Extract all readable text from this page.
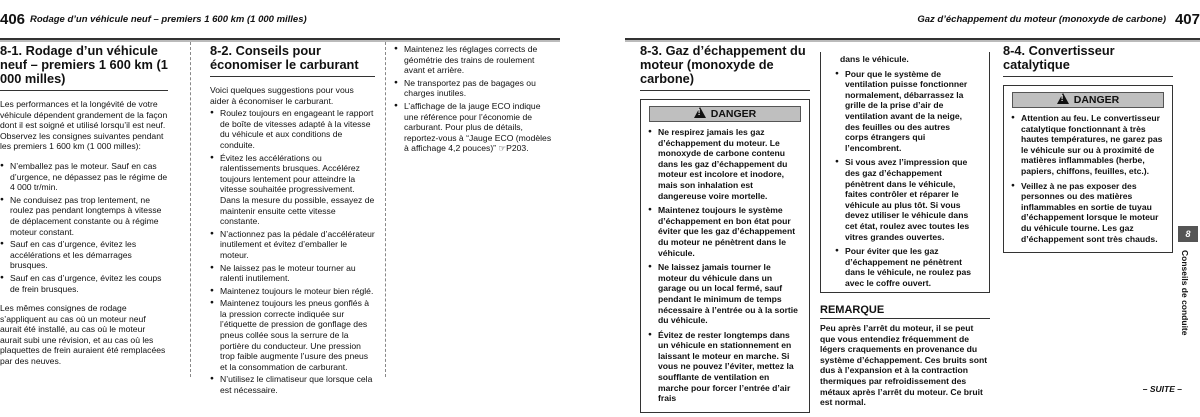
406 Rodage d’un véhicule neuf – premiers 1 600 km (1 000 milles)
8-1. Rodage d’un véhicule neuf – premiers 1 600 km (1 000 milles)

Les performances et la longévité de votre véhicule dépendent grandement de la façon dont il est soigné et utilisé lorsqu’il est neuf. Observez les consignes suivantes pendant les premiers 1 600 km (1 000 milles):

● N’emballez pas le moteur. Sauf en cas d’urgence, ne dépassez pas le régime de 4 000 tr/min.
● Ne conduisez pas trop lentement, ne roulez pas pendant longtemps à vitesse de déplacement constante ou à régime moteur constant.
● Sauf en cas d’urgence, évitez les accélérations et les démarrages brusques.
● Sauf en cas d’urgence, évitez les coups de frein brusques.

Les mêmes consignes de rodage s’appliquent au cas où un moteur neuf aurait été installé, au cas où le moteur aurait subi une révision, et au cas où les plaquettes de frein auraient été remplacées par des neuves.

8-2. Conseils pour économiser le carburant

Voici quelques suggestions pour vous aider à économiser le carburant.

● Roulez toujours en engageant le rapport de boîte de vitesses adapté à la vitesse du véhicule et aux conditions de conduite.
● Évitez les accélérations ou ralentissements brusques. Accélérez toujours lentement pour atteindre la vitesse souhaitée progressivement. Dans la mesure du possible, essayez de maintenir ensuite cette vitesse constante.
● N’actionnez pas la pédale d’accélérateur inutilement et évitez d’emballer le moteur.
● Ne laissez pas le moteur tourner au ralenti inutilement.
● Maintenez toujours le moteur bien réglé.
● Maintenez toujours les pneus gonflés à la pression correcte indiquée sur l’étiquette de pression de gonflage des pneus collée sous la serrure de la portière du conducteur. Une pression trop faible augmente l’usure des pneus et la consommation de carburant.
● N’utilisez le climatiseur que lorsque cela est nécessaire.
● Maintenez les réglages corrects de géométrie des trains de roulement avant et arrière.
● Ne transportez pas de bagages ou charges inutiles.
● L’affichage de la jauge ECO indique une référence pour l’économie de carburant. Pour plus de détails, reportez-vous à “Jauge ECO (modèles à affichage 4,2 pouces)” ☞P203.
Gaz d’échappement du moteur (monoxyde de carbone) 407
8-3. Gaz d’échappement du moteur (monoxyde de carbone)
!DANGER
● Ne respirez jamais les gaz d’échappement du moteur. Le monoxyde de carbone contenu dans les gaz d’échappement du moteur est incolore et inodore, mais son inhalation est dangereuse voire mortelle.
● Maintenez toujours le système d’échappement en bon état pour éviter que les gaz d’échappement du moteur ne pénètrent dans le véhicule.
● Ne laissez jamais tourner le moteur du véhicule dans un garage ou un local fermé, sauf pendant le minimum de temps nécessaire à l’entrée ou à la sortie du véhicule.
● Évitez de rester longtemps dans un véhicule en stationnement en laissant le moteur en marche. Si vous ne pouvez l’éviter, mettez la soufflante de ventilation en marche pour forcer l’entrée d’air frais
dans le véhicule.
● Pour que le système de ventilation puisse fonctionner normalement, débarrassez la grille de la prise d’air de ventilation avant de la neige, des feuilles ou des autres corps étrangers qui l’encombrent.
● Si vous avez l’impression que des gaz d’échappement pénètrent dans le véhicule, faites contrôler et réparer le véhicule au plus tôt. Si vous devez utiliser le véhicule dans cet état, roulez avec toutes les vitres grandes ouvertes.
● Pour éviter que les gaz d’échappement ne pénètrent dans le véhicule, ne roulez pas avec le coffre ouvert.
REMARQUE

Peu après l’arrêt du moteur, il se peut que vous entendiez fréquemment de légers craquements en provenance du système d’échappement. Ces bruits sont dus à l’expansion et à la contraction thermiques par refroidissement des métaux après l’arrêt du moteur. Ce bruit est normal.

8-4. Convertisseur catalytique
!DANGER
● Attention au feu. Le convertisseur catalytique fonctionnant à très hautes températures, ne garez pas le véhicule sur ou à proximité de matières inflammables (herbe, papiers, chiffons, feuilles, etc.).
● Veillez à ne pas exposer des personnes ou des matières inflammables en sortie de tuyau d’échappement lorsque le moteur du véhicule tourne. Les gaz d’échappement sont très chauds.	8
Conseils de conduite
– SUITE –
